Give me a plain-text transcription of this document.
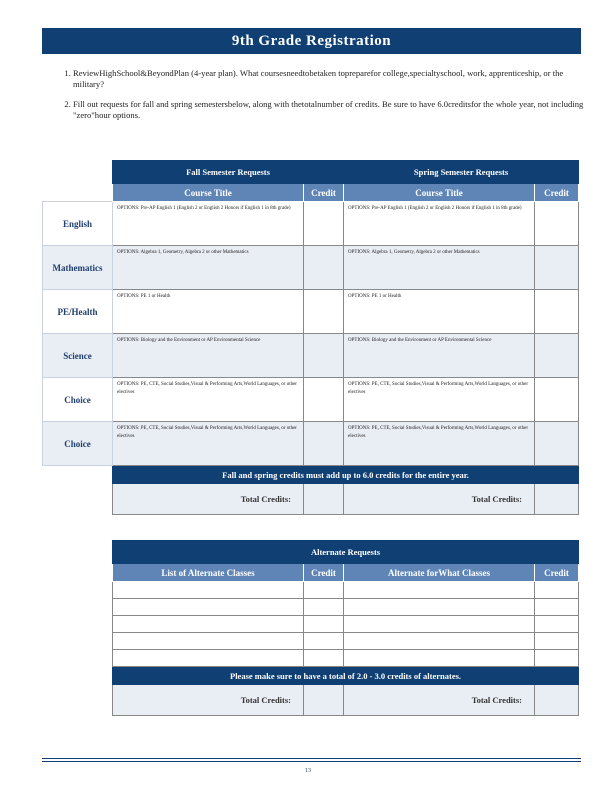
9th Grade Registration
1. ReviewHighSchool&BeyondPlan (4-year plan). What coursesneedtobetaken topreparefor college,specialtyschool, work, apprenticeship, or the military?
2. Fill out requests for fall and spring semestersbelow, along with thetotalnumber of credits. Be sure to have 6.0creditsfor the whole year, not including "zero"hour options.
	Fall Semester Requests		Spring Semester Requests	
	Course Title	Credit	Course Title	Credit
English	OPTIONS: Pre-AP English 1 (English 2 or English 2 Honors if English 1 in 8th grade)		OPTIONS: Pre-AP English 1 (English 2 or English 2 Honors if English 1 in 8th grade)	
Mathematics	OPTIONS: Algebra 1, Geometry, Algebra 2 or other Mathematics		OPTIONS: Algebra 1, Geometry, Algebra 2 or other Mathematics	
PE/Health	OPTIONS: PE 1 or Health		OPTIONS: PE 1 or Health	
Science	OPTIONS: Biology and the Environment or AP Environmental Science		OPTIONS: Biology and the Environment or AP Environmental Science	
Choice	OPTIONS: PE, CTE, Social Studies,Visual & Performing Arts,World Languages, or other electives		OPTIONS: PE, CTE, Social Studies,Visual & Performing Arts,World Languages, or other electives	
Choice	OPTIONS: PE, CTE, Social Studies,Visual & Performing Arts,World Languages, or other electives		OPTIONS: PE, CTE, Social Studies,Visual & Performing Arts,World Languages, or other electives	
	Fall and spring credits must add up to 6.0 credits for the entire year.			
	Total Credits:		Total Credits:	
Alternate Requests			
List of Alternate Classes	Credit	Alternate forWhat Classes	Credit

Please make sure to have a total of 2.0 - 3.0 credits of alternates.			
Total Credits:		Total Credits:	
13
